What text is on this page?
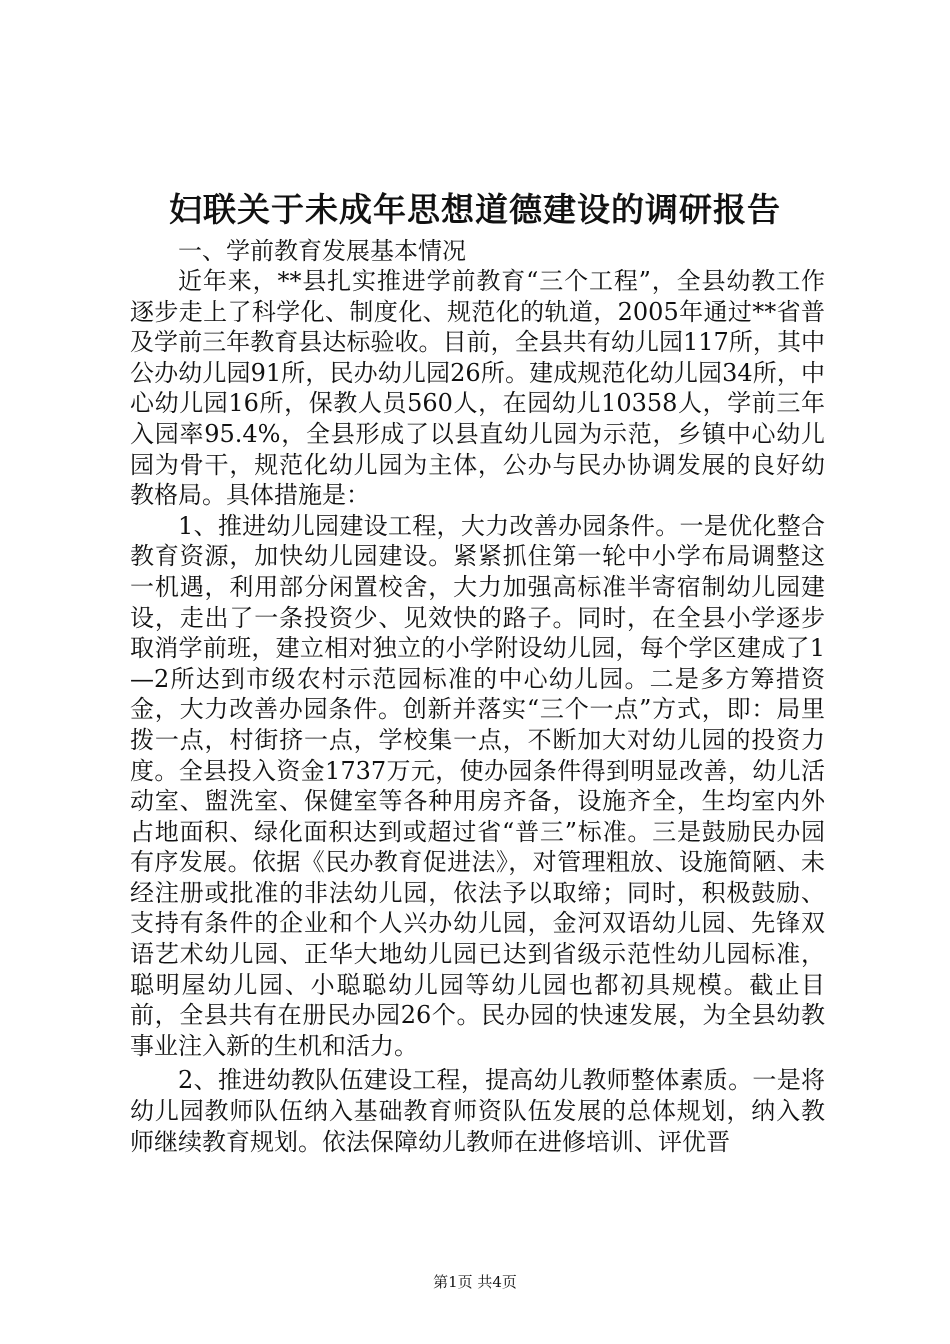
妇联关于未成年思想道德建设的调研报告

一、学前教育发展基本情况

近年来，**县扎实推进学前教育“三个工程”，全县幼教工作逐步走上了科学化、制度化、规范化的轨道，2005年通过**省普及学前三年教育县达标验收。目前，全县共有幼儿园117所，其中公办幼儿园91所，民办幼儿园26所。建成规范化幼儿园34所，中心幼儿园16所，保教人员560人，在园幼儿10358人，学前三年入园率95.4%，全县形成了以县直幼儿园为示范，乡镇中心幼儿园为骨干，规范化幼儿园为主体，公办与民办协调发展的良好幼教格局。具体措施是：

1、推进幼儿园建设工程，大力改善办园条件。一是优化整合教育资源，加快幼儿园建设。紧紧抓住第一轮中小学布局调整这一机遇，利用部分闲置校舍，大力加强高标准半寄宿制幼儿园建设，走出了一条投资少、见效快的路子。同时，在全县小学逐步取消学前班，建立相对独立的小学附设幼儿园，每个学区建成了1—2所达到市级农村示范园标准的中心幼儿园。二是多方筹措资金，大力改善办园条件。创新并落实“三个一点”方式，即：局里拨一点，村街挤一点，学校集一点，不断加大对幼儿园的投资力度。全县投入资金1737万元，使办园条件得到明显改善，幼儿活动室、盥洗室、保健室等各种用房齐备，设施齐全，生均室内外占地面积、绿化面积达到或超过省“普三”标准。三是鼓励民办园有序发展。依据《民办教育促进法》，对管理粗放、设施简陋、未经注册或批准的非法幼儿园，依法予以取缔；同时，积极鼓励、支持有条件的企业和个人兴办幼儿园，金河双语幼儿园、先锋双语艺术幼儿园、正华大地幼儿园已达到省级示范性幼儿园标准，聪明屋幼儿园、小聪聪幼儿园等幼儿园也都初具规模。截止目前，全县共有在册民办园26个。民办园的快速发展，为全县幼教事业注入新的生机和活力。

2、推进幼教队伍建设工程，提高幼儿教师整体素质。一是将幼儿园教师队伍纳入基础教育师资队伍发展的总体规划，纳入教师继续教育规划。依法保障幼儿教师在进修培训、评优晋

第1页 共4页
